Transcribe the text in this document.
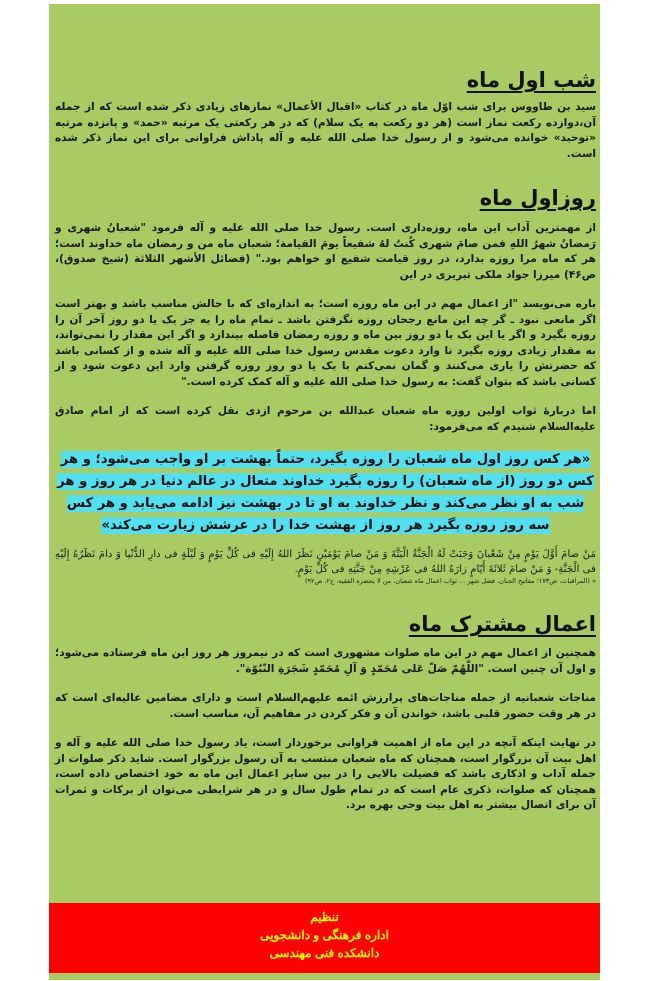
شب اول ماه

سید بن طاووس برای شب اوّل ماه در کتاب «اقبال الأعمال» نمازهای زیادی ذکر شده است که از جمله آن،دوازده رکعت نماز است (هر دو رکعت به یک سلام) که در هر رکعتی یک مرتبه «حمد» و پانزده مرتبه «توحید» خوانده می‌شود و از رسول خدا صلی الله علیه و آله پاداش فراوانی برای این نماز ذکر شده است.

روزاول ماه

از مهمترین آداب این ماه، روزه‌داری است. رسول خدا صلی الله علیه و آله فرمود "شعبانُ شهری و رَمضانُ شهرُ اللهِ فمن صامَ شهری کُنتُ لهُ شفیعاً یومَ القیامة؛ شعبان ماه من و رمضان ماه خداوند است؛ هر که ماه مرا روزه بدارد، در روز قیامت شفیع او خواهم بود." (فضائل الأشهر الثلاثة (شیخ صدوق)، ص۴۶) میرزا جواد ملکی تبریزی در این

باره می‌نویسد "از اعمال مهم در این ماه روزه است؛ به اندازه‌ای که با حالش مناسب باشد و بهتر است اگر مانعی نبود ـ گر چه این مانع رجحان روزه نگرفتن باشد ـ تمام ماه را یه جز یک یا دو روز آخر آن را روزه بگیرد و اگر یا این یک یا دو روز بین ماه و روزه رمضان فاصله بیندازد و اگر این مقدار را نمی‌تواند، به مقدار زیادی روزه بگیرد تا وارد دعوت مقدس رسول خدا صلی الله علیه و آله شده و از کسانی باشد که حضرتش را یاری می‌کنند و گمان نمی‌کنم با یک یا دو روز روزه گرفتن وارد این دعوت شود و از کسانی باشد که بتوان گفت: به رسول خدا صلی الله علیه و آله کمک کرده است."

اما دربارهٔ ثواب اولین روزه ماه شعبان عبدالله بن مرحوم ازدی نقل کرده است که از امام صادق علیه‌السلام شنیدم که می‌فرمود:

«هر کس روز اول ماه شعبان را روزه بگیرد، حتماً بهشت بر او واجب می‌شود؛ و هر کس دو روز (از ماه شعبان) را روزه بگیرد خداوند متعال در عالم دنیا در هر روز و هر شب به او نظر می‌کند و نظر خداوند به او تا در بهشت نیز ادامه می‌یابد و هر کس سه روز روزه بگیرد هر روز از بهشت خدا را در عرشش زیارت می‌کند»

مَنْ صامَ أَوَّلَ یَوْمٍ مِنْ شَعْبانَ وَجَبَتْ لَهُ الْجَنَّةُ الْبَتَّةَ وَ مَنْ صامَ یَوْمَیْنِ نَظَرَ اللهُ إِلَیْهِ فی کُلِّ یَوْمٍ وَ لَیْلَةٍ فی دارِ الدُّنْیا وَ دامَ نَظَرُهُ إِلَیْهِ فی الْجَنَّةِ- وَ مَنْ صامَ ثَلاثَةَ أَیّامٍ زارَهُ اللهُ فی عَرْشِهِ مِنْ جَنَّتِهِ فی کُلِّ یَوْمٍ.

« (المراقبات، ص۱۷۳؛ مفاتیح الجنان، فضل شهر ... ثواب اعمال ماه شعبان، من لا یحضره الفقیه، ج۲، ص۹۲)

اعمال مشترک ماه

همچنین از اعمال مهم در این ماه صلوات مشهوری است که در نیمروز هر روز این ماه فرستاده می‌شود؛ و اول آن چنین است. "اللّهُمّ صَلّ عَلى مُحَمّدٍ وَ آلِ مُحَمّدٍ شَجَرَةِ النّبُوّة".

مناجات شعبانیه از جمله مناجات‌های پرارزش ائمه علیهم‌السلام است و دارای مضامین عالیه‌ای است که در هر وقت حضور قلبی باشد، خواندن آن و فکر کردن در مفاهیم آن، مناسب است.

در نهایت اینکه آنچه در این ماه از اهمیت فراوانی برخوردار است، یاد رسول خدا صلی الله علیه و آله و اهل بیت آن بزرگوار است، همچنان که ماه شعبان منتسب به آن رسول بزرگوار است. شاید ذکر صلوات از جمله آداب و اذکاری باشد که فضیلت بالایی را در بین سایر اعمال این ماه به خود اختصاص داده است، همچنان که صلوات، ذکری عام است که در تمام طول سال و در هر شرایطی می‌توان از برکات و ثمرات آن برای اتصال بیشتر به اهل بیت وحی بهره برد.

تنظیم
اداره فرهنگی و دانشجویی
دانشکده فنی مهندسی
